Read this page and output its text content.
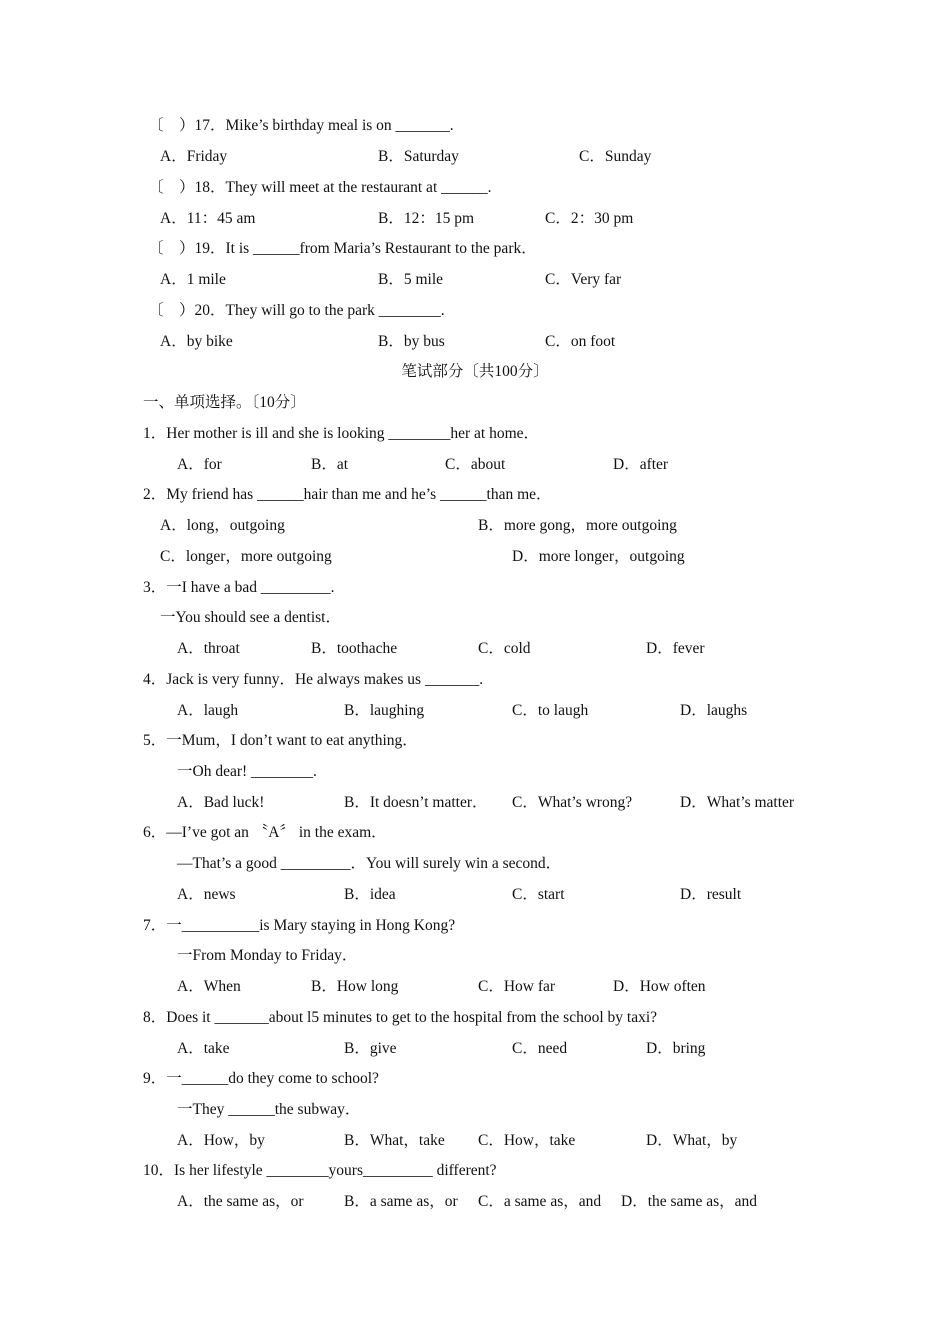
〔　）17．Mike’s birthday meal is on _______.
A．Friday	B．Saturday	C．Sunday
〔　）18．They will meet at the restaurant at ______.
A．11：45 am	B．12：15 pm	C．2：30 pm
〔　）19．It is ______from Maria’s Restaurant to the park．
A．1 mile	B．5 mile	C．Very far
〔　）20．They will go to the park ________.
A．by bike	B．by bus	C．on foot
笔试部分〔共100分〕
一、单项选择。〔10分〕
1．Her mother is ill and she is looking ________her at home．
A．for	B．at	C．about	D．after
2．My friend has ______hair than me and he’s ______than me．
A．long，outgoing	B．more gong，more outgoing
C．longer，more outgoing	D．more longer，outgoing
3．一I have a bad _________.
一You should see a dentist．
A．throat	B．toothache	C．cold	D．fever
4．Jack is very funny．He always makes us _______.
A．laugh	B．laughing	C．to laugh	D．laughs
5．一Mum，I don’t want to eat anything．
一Oh dear! ________.
A．Bad luck!	B．It doesn’t matter． C．What’s wrong?	D．What’s matter
6．—I’ve got an 〝A〞 in the exam．
—That’s a good _________．You will surely win a second．
A．news	B．idea	C．start	D．result
7．一__________is Mary staying in Hong Kong?
一From Monday to Friday．
A．When	B．How long	C．How far	D．How often
8．Does it _______about l5 minutes to get to the hospital from the school by taxi?
A．take	B．give	C．need	D．bring
9．一______do they come to school?
一They ______the subway．
A．How，by	B．What，take C．How，take	D．What，by
10．Is her lifestyle ________yours_________ different?
A．the same as，or	B．a same as，or C．a same as，and D．the same as，and
